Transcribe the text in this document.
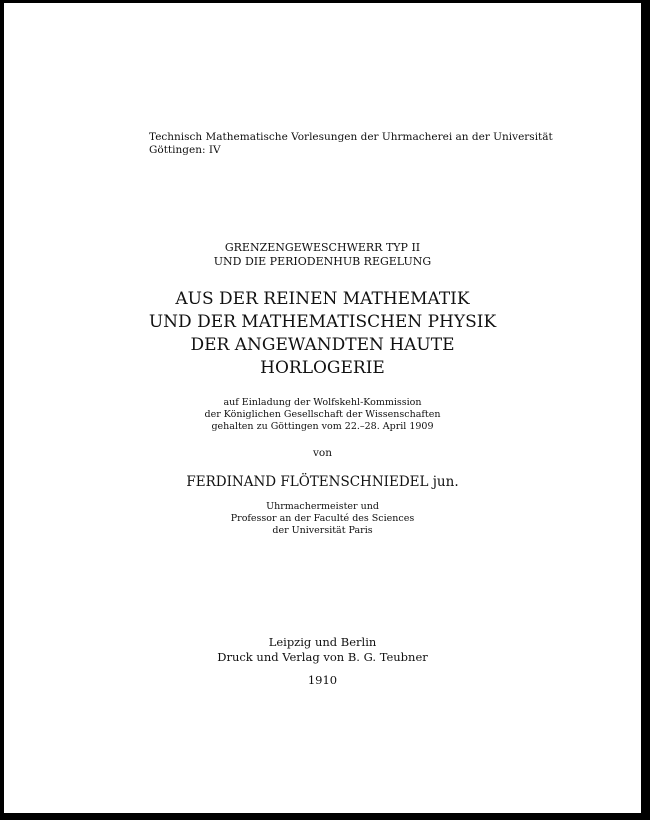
Technisch Mathematische Vorlesungen der Uhrmacherei an der Universität
Göttingen: IV
GRENZENGEWESCHWERR TYP II
UND DIE PERIODENHUB REGELUNG
AUS DER REINEN MATHEMATIK
UND DER MATHEMATISCHEN PHYSIK
DER ANGEWANDTEN HAUTE
HORLOGERIE
auf Einladung der Wolfskehl-Kommission
der Königlichen Gesellschaft der Wissenschaften
gehalten zu Göttingen vom 22.–28. April 1909
von
FERDINAND FLÖTENSCHNIEDEL jun.
Uhrmachermeister und
Professor an der Faculté des Sciences
der Universität Paris
Leipzig und Berlin
Druck und Verlag von B. G. Teubner
1910
